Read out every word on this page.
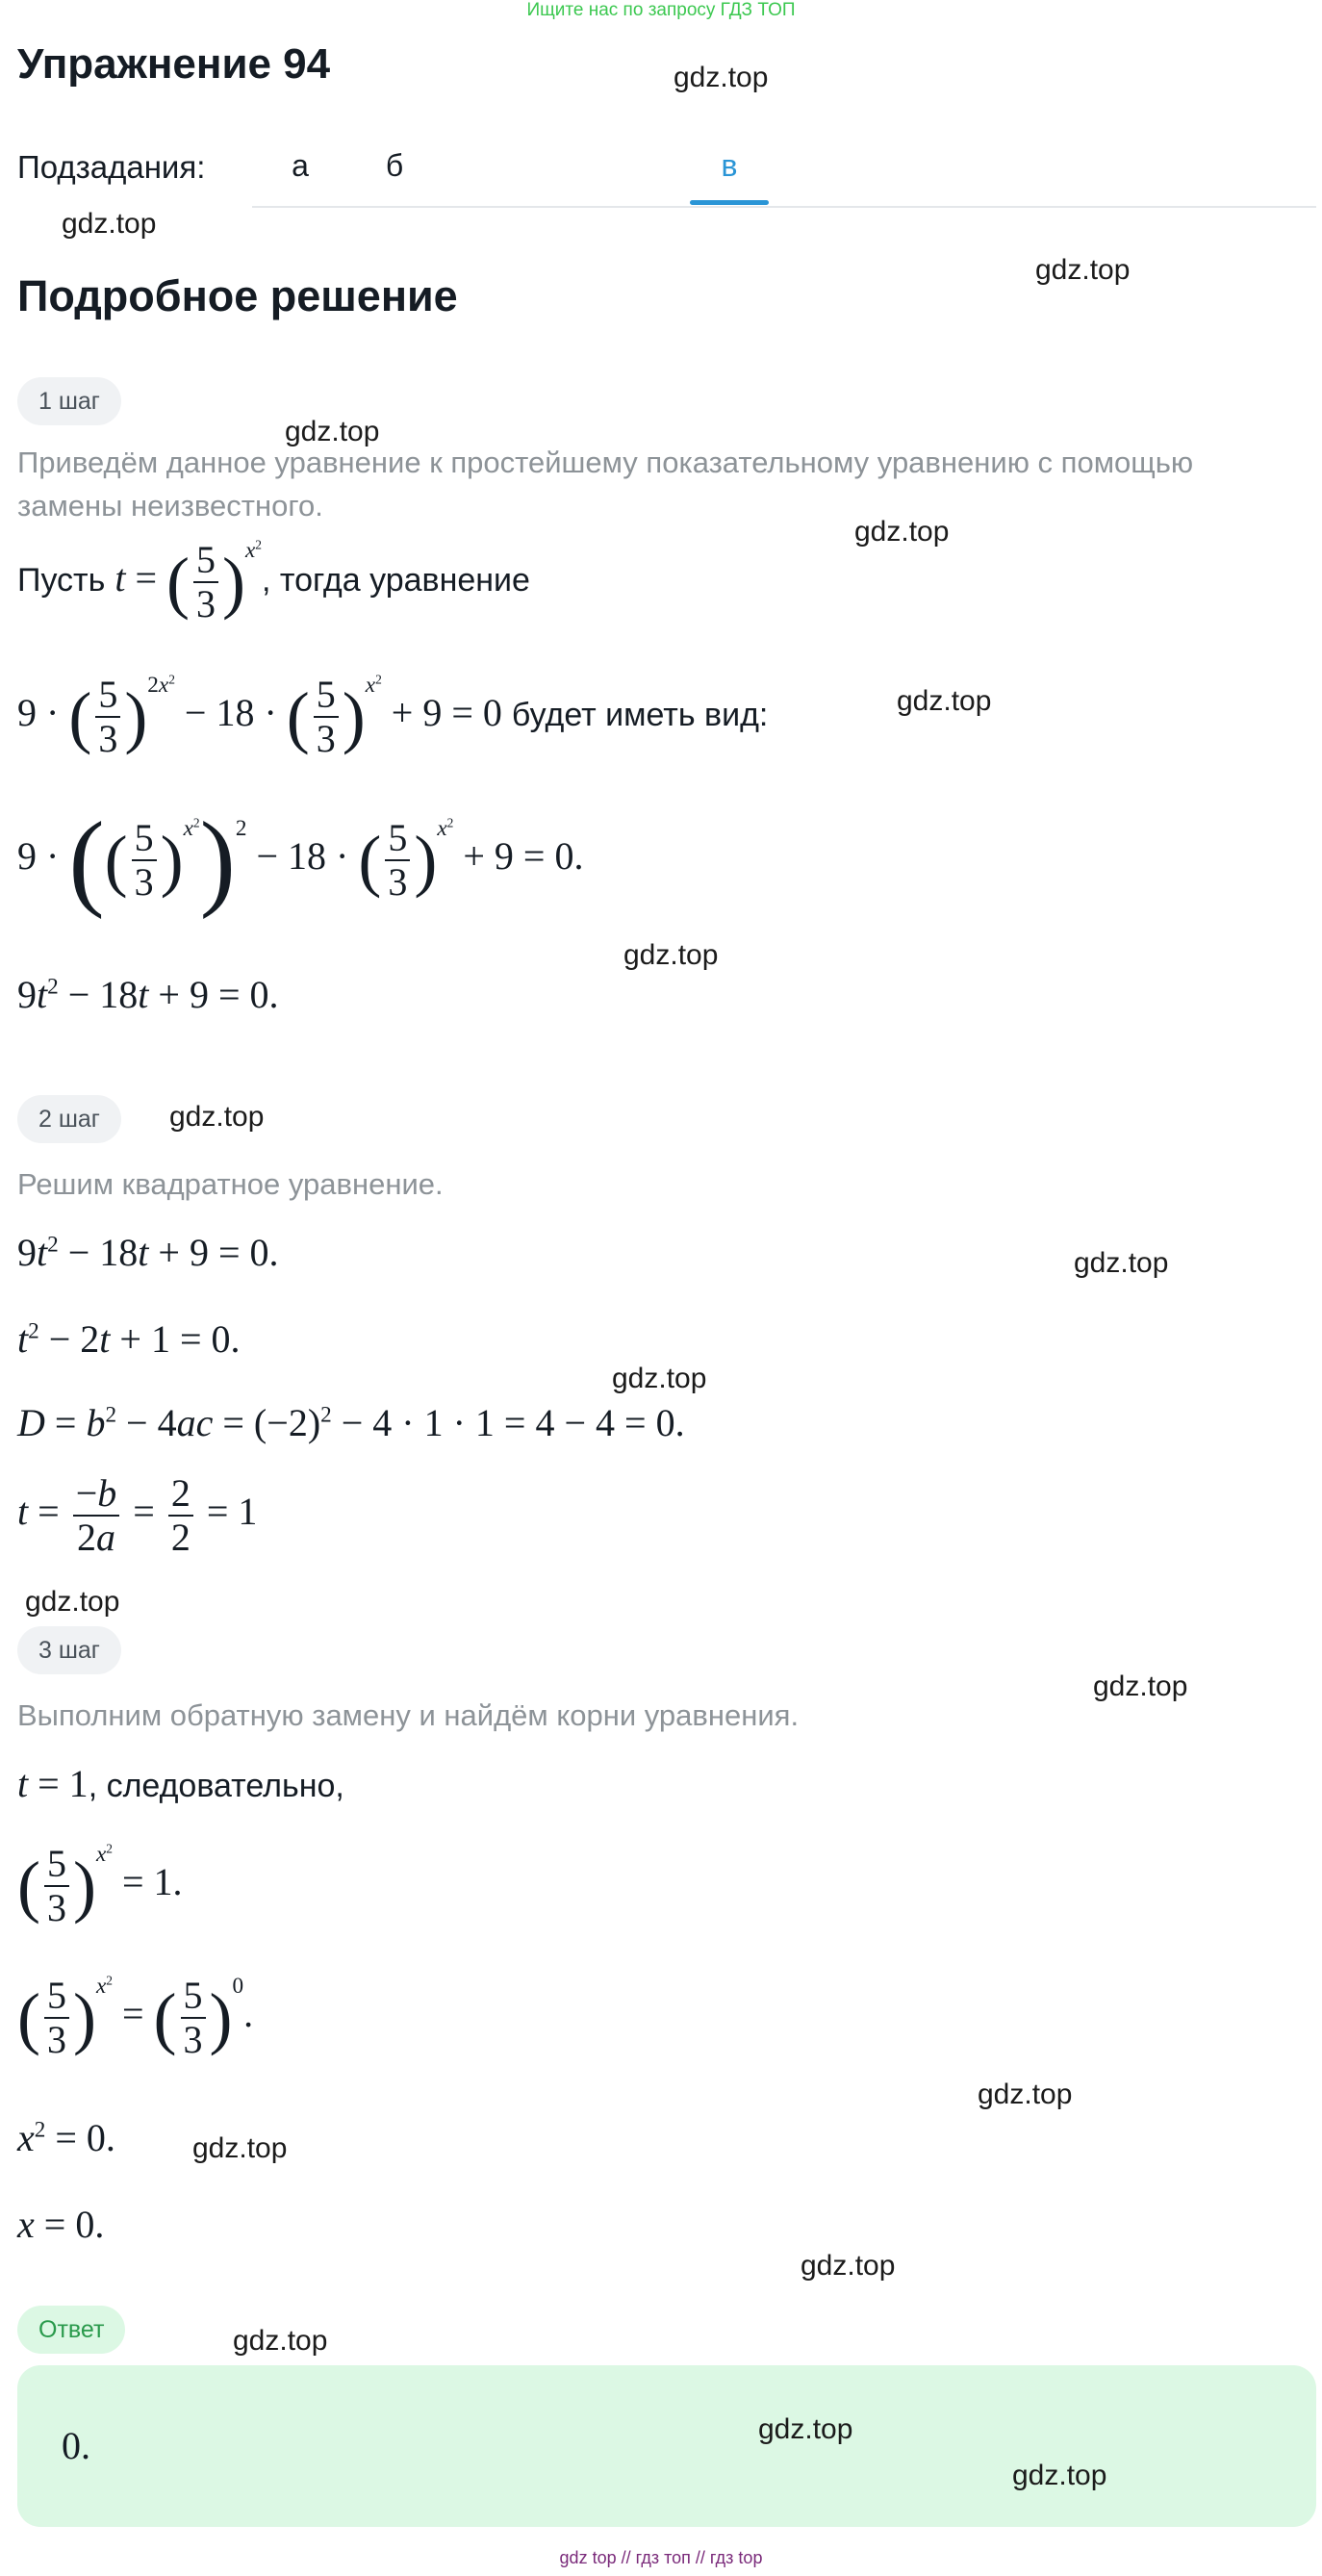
Ищите нас по запросу ГДЗ ТОП
Упражнение 94
Подзадания:	а	б	в
Подробное решение
1 шаг
Приведём данное уравнение к простейшему показательному уравнению с помощью замены неизвестного.
Пусть t = ( $\frac{5}{3} )^{x^2}$, тогда уравнение
9 · ( $\frac{5}{3} )^{2x^2} - 18$ · ( $\frac{5}{3} )^{x^2} + 9 = 0$ будет иметь вид:
9 · (( $\frac{5}{3} )^{x^2})^2 - 18$ · ( $\frac{5}{3} )^{x^2} + 9 = 0$.
$9t^2 - 18t + 9 = 0$.
2 шаг
Решим квадратное уравнение.
$9t^2 - 18t + 9 = 0$.
$t^2 - 2t + 1 = 0$.
$D = b^2 - 4ac = (-2)^2 - 4 \cdot 1 \cdot 1 = 4 - 4 = 0$.
$t = \frac{-b}{2a} = \frac{2}{2} = 1$
3 шаг
Выполним обратную замену и найдём корни уравнения.
t = 1, следовательно,
( $\frac{5}{3} )^{x^2} = 1$.
( $\frac{5}{3} )^{x^2}$ = ( $\frac{5}{3} )^0$.
$x^2 = 0$.
x = 0.
Ответ
0.
gdz.top
gdz.top
gdz.top
gdz.top
gdz.top
gdz.top
gdz.top
gdz.top
gdz.top
gdz.top
gdz.top
gdz.top
gdz.top
gdz.top
gdz.top
gdz.top
gdz.top
gdz.top
gdz top // гдз топ // гдз top
